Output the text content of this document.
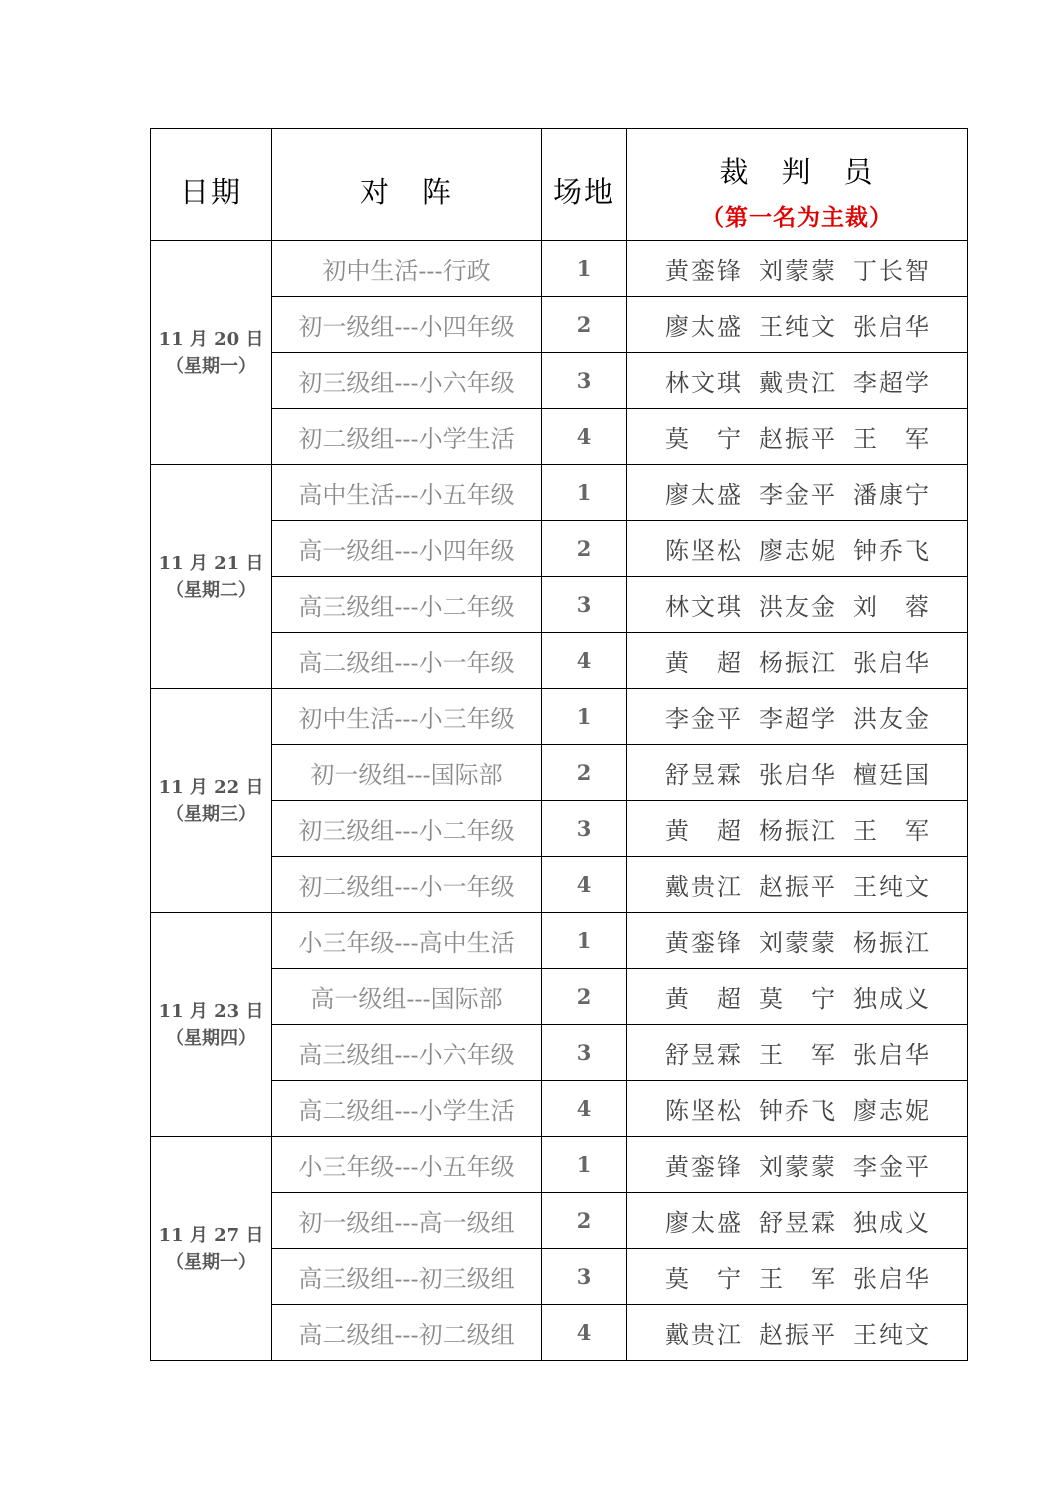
日期	对　阵	场地	裁　判　员
（第一名为主裁）

11 月 20 日
（星期一）	初中生活---行政	1	黄銮锋 刘蒙蒙 丁长智
	初一级组---小四年级	2	廖太盛 王纯文 张启华
	初三级组---小六年级	3	林文琪 戴贵江 李超学
	初二级组---小学生活	4	莫 宁 赵振平 王 军

11 月 21 日
（星期二）	高中生活---小五年级	1	廖太盛 李金平 潘康宁
	高一级组---小四年级	2	陈坚松 廖志妮 钟乔飞
	高三级组---小二年级	3	林文琪 洪友金 刘 蓉
	高二级组---小一年级	4	黄 超 杨振江 张启华

11 月 22 日
（星期三）	初中生活---小三年级	1	李金平 李超学 洪友金
	初一级组---国际部	2	舒昱霖 张启华 檀廷国
	初三级组---小二年级	3	黄 超 杨振江 王 军
	初二级组---小一年级	4	戴贵江 赵振平 王纯文

11 月 23 日
（星期四）	小三年级---高中生活	1	黄銮锋 刘蒙蒙 杨振江
	高一级组---国际部	2	黄 超 莫 宁 独成义
	高三级组---小六年级	3	舒昱霖 王 军 张启华
	高二级组---小学生活	4	陈坚松 钟乔飞 廖志妮

11 月 27 日
（星期一）	小三年级---小五年级	1	黄銮锋 刘蒙蒙 李金平
	初一级组---高一级组	2	廖太盛 舒昱霖 独成义
	高三级组---初三级组	3	莫 宁 王 军 张启华
	高二级组---初二级组	4	戴贵江 赵振平 王纯文
